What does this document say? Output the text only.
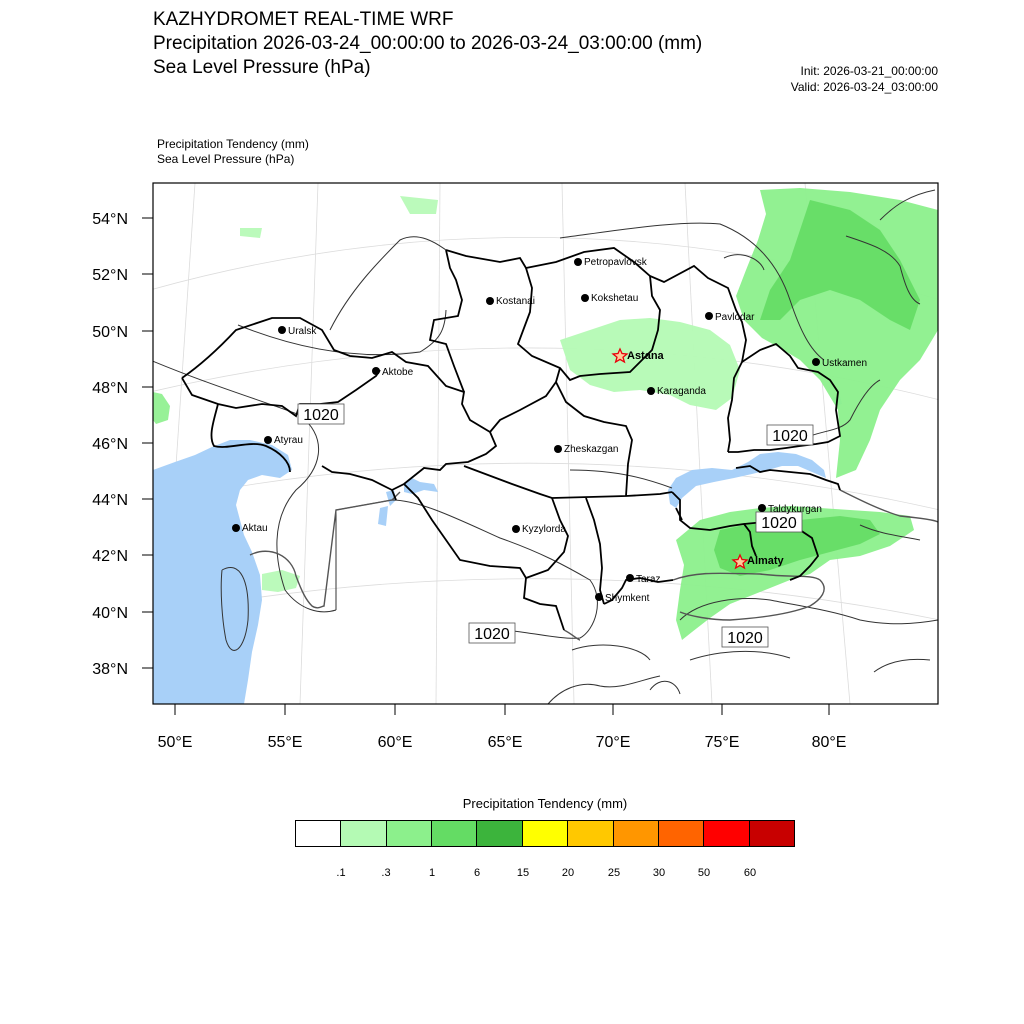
KAZHYDROMET REAL-TIME WRF
Precipitation 2026-03-24_00:00:00 to 2026-03-24_03:00:00 (mm)
Sea Level Pressure (hPa)	Init: 2026-03-21_00:00:00
Valid: 2026-03-24_03:00:00
Precipitation Tendency (mm)
Sea Level Pressure (hPa)
54°N
52°N
50°N
48°N
46°N
44°N
42°N
40°N
38°N
50°E	55°E	60°E	65°E	70°E	75°E	80°E
1020
1020
1020
1020	1020
Petropavlovsk
Kostanai	Kokshetau
Pavlodar
Uralsk
Astana
Aktobe
Ustkamen
Karaganda
Atyrau
Zheskazgan
Taldykurgan
Aktau	Kyzylorda
Almaty
Taraz
Shymkent
Precipitation Tendency (mm)
.1	.3	1	6	15	20	25	30	50	60
